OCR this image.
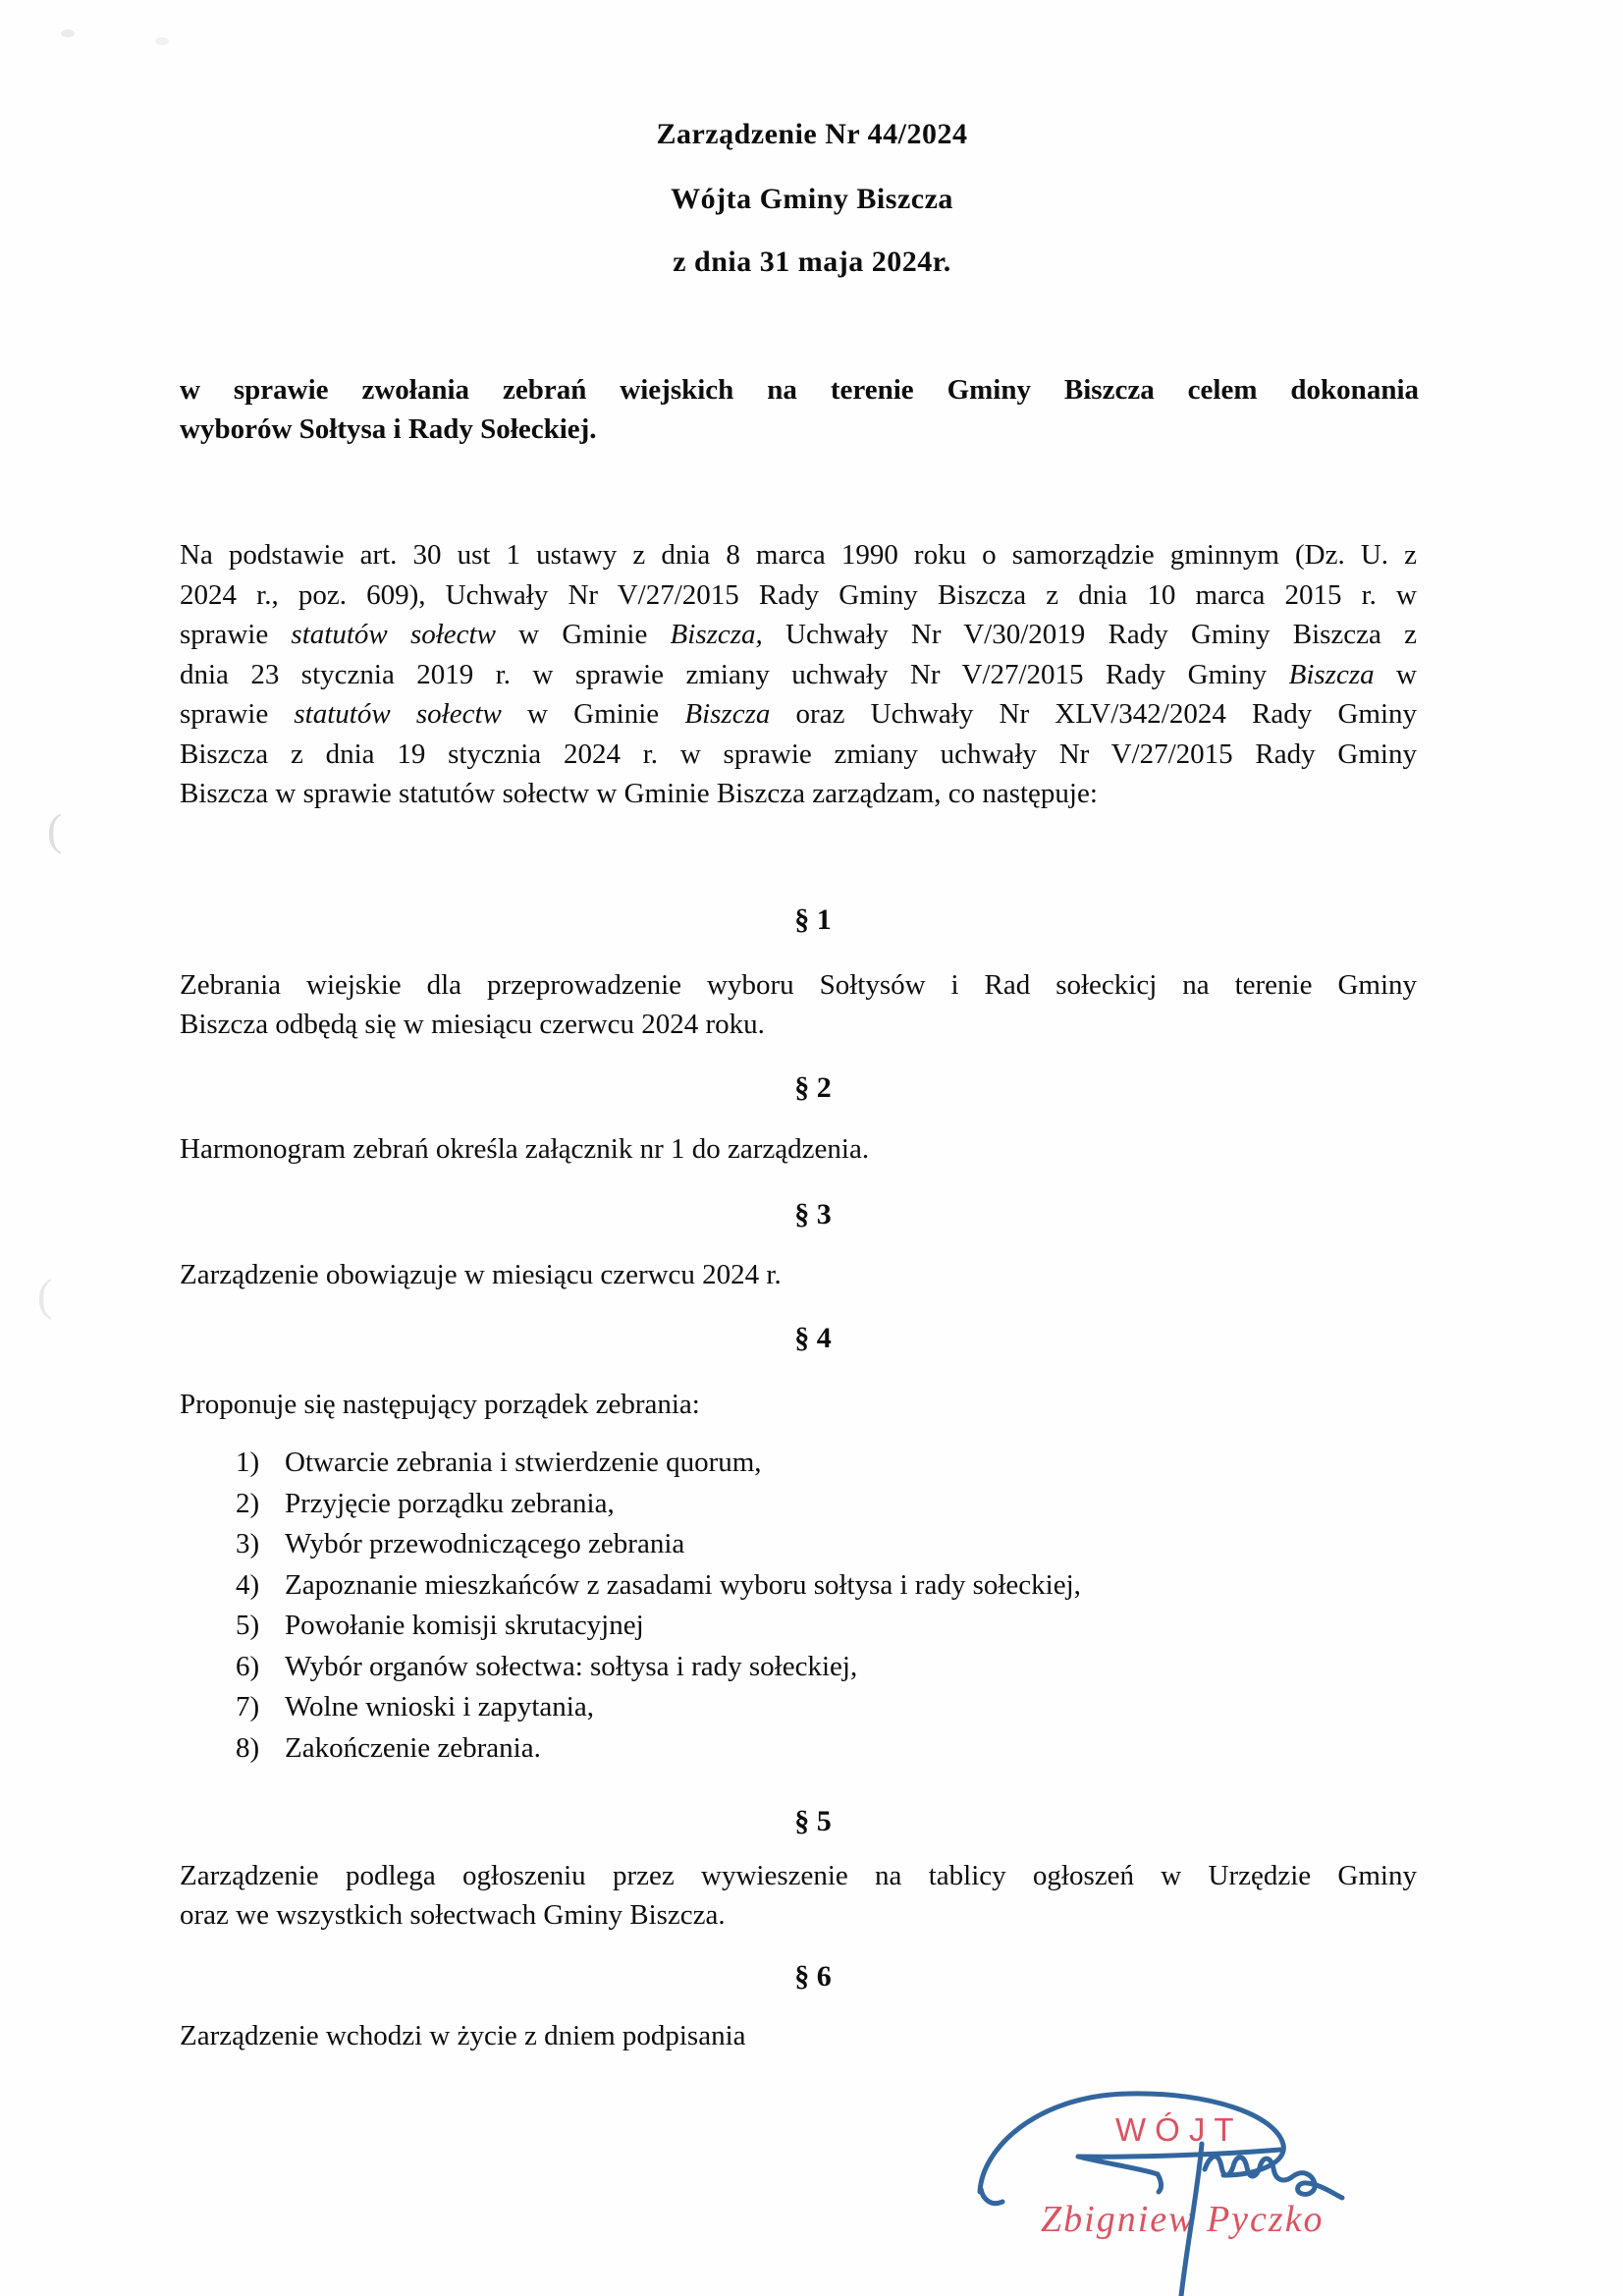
(
(
Zarządzenie Nr 44/2024
Wójta Gminy Biszcza
z dnia 31 maja 2024r.
w sprawie zwołania zebrań wiejskich na terenie Gminy Biszcza celem dokonania
wyborów Sołtysa i Rady Sołeckiej.
Na podstawie art. 30 ust 1 ustawy z dnia 8 marca 1990 roku o samorządzie gminnym (Dz. U. z
2024 r., poz. 609), Uchwały Nr V/27/2015 Rady Gminy Biszcza z dnia 10 marca 2015 r. w
sprawie statutów sołectw w Gminie Biszcza, Uchwały Nr V/30/2019 Rady Gminy Biszcza z
dnia 23 stycznia 2019 r. w sprawie zmiany uchwały Nr V/27/2015 Rady Gminy Biszcza w
sprawie statutów sołectw w Gminie Biszcza oraz Uchwały Nr XLV/342/2024 Rady Gminy
Biszcza z dnia 19 stycznia 2024 r. w sprawie zmiany uchwały Nr V/27/2015 Rady Gminy
Biszcza w sprawie statutów sołectw w Gminie Biszcza zarządzam, co następuje:
§ 1
Zebrania wiejskie dla przeprowadzenie wyboru Sołtysów i Rad sołeckicj na terenie Gminy
Biszcza odbędą się w miesiącu czerwcu 2024 roku.
§ 2
Harmonogram zebrań określa załącznik nr 1 do zarządzenia.
§ 3
Zarządzenie obowiązuje w miesiącu czerwcu 2024 r.
§ 4
Proponuje się następujący porządek zebrania:
1) Otwarcie zebrania i stwierdzenie quorum,
2) Przyjęcie porządku zebrania,
3) Wybór przewodniczącego zebrania
4) Zapoznanie mieszkańców z zasadami wyboru sołtysa i rady sołeckiej,
5) Powołanie komisji skrutacyjnej
6) Wybór organów sołectwa: sołtysa i rady sołeckiej,
7) Wolne wnioski i zapytania,
8) Zakończenie zebrania.
§ 5
Zarządzenie podlega ogłoszeniu przez wywieszenie na tablicy ogłoszeń w Urzędzie Gminy
oraz we wszystkich sołectwach Gminy Biszcza.
§ 6
Zarządzenie wchodzi w życie z dniem podpisania
WÓJT
Zbigniew Pyczko
